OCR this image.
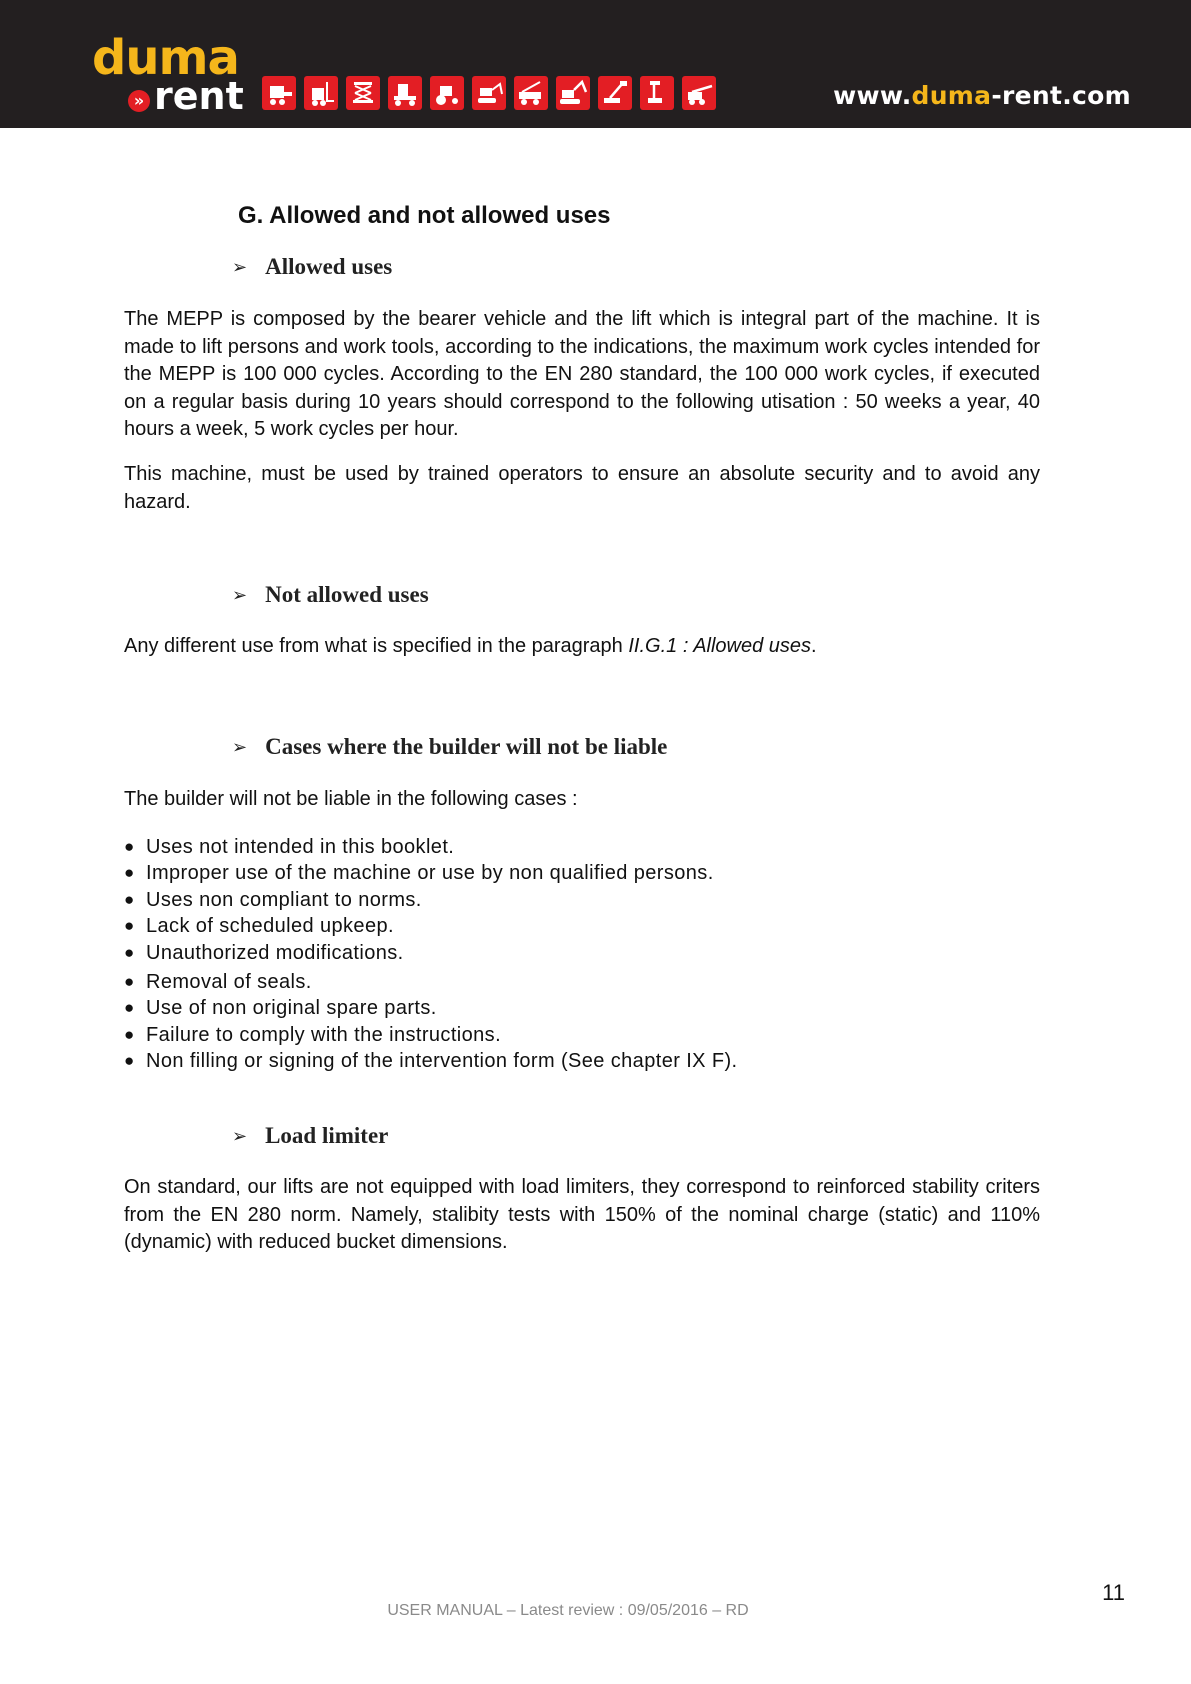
duma
» rent	www.duma-rent.com
G. Allowed and not allowed uses
➢ Allowed uses

The MEPP is composed by the bearer vehicle and the lift which is integral part of the machine. It is made to lift persons and work tools, according to the indications, the maximum work cycles intended for the MEPP is 100 000 cycles. According to the EN 280 standard, the 100 000 work cycles, if executed on a regular basis during 10 years should correspond to the following utisation : 50 weeks a year, 40 hours a week, 5 work cycles per hour.

This machine, must be used by trained operators to ensure an absolute security and to avoid any hazard.

➢ Not allowed uses

Any different use from what is specified in the paragraph II.G.1 : Allowed uses.

➢ Cases where the builder will not be liable

The builder will not be liable in the following cases :

● Uses not intended in this booklet.
● Improper use of the machine or use by non qualified persons.
● Uses non compliant to norms.
● Lack of scheduled upkeep.
● Unauthorized modifications.
● Removal of seals.
● Use of non original spare parts.
● Failure to comply with the instructions.
● Non filling or signing of the intervention form (See chapter IX F).
➢ Load limiter

On standard, our lifts are not equipped with load limiters, they correspond to reinforced stability criters from the EN 280 norm. Namely, stalibity tests with 150% of the nominal charge (static) and 110% (dynamic) with reduced bucket dimensions.

11
USER MANUAL – Latest review : 09/05/2016 – RD
